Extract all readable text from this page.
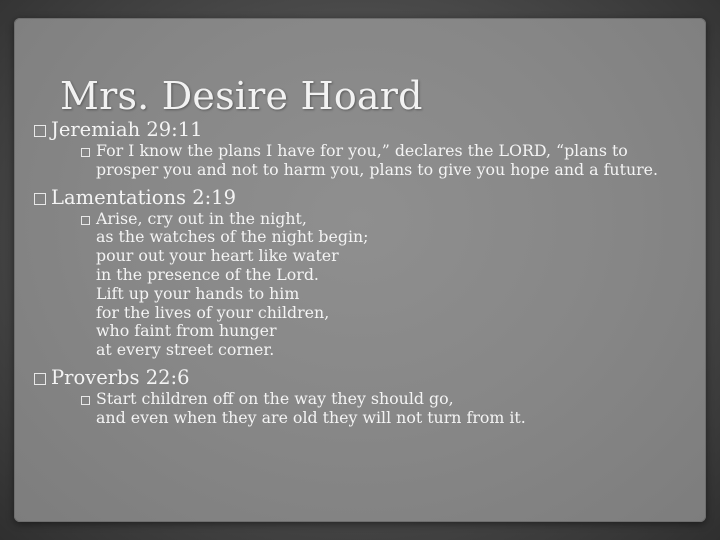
Mrs. Desire Hoard
Jeremiah 29:11
For I know the plans I have for you,” declares the LORD, “plans to prosper you and not to harm you, plans to give you hope and a future.
Lamentations 2:19
Arise, cry out in the night,
as the watches of the night begin;
pour out your heart like water
in the presence of the Lord.
Lift up your hands to him
for the lives of your children,
who faint from hunger
at every street corner.
Proverbs 22:6
Start children off on the way they should go,
and even when they are old they will not turn from it.
